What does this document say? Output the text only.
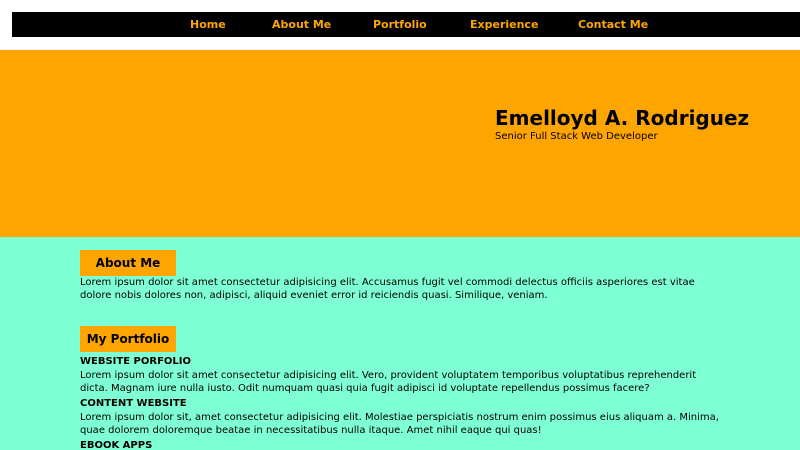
Home	About Me	Portfolio	Experience	Contact Me
Emelloyd A. Rodriguez
Senior Full Stack Web Developer
About Me
Lorem ipsum dolor sit amet consectetur adipisicing elit. Accusamus fugit vel commodi delectus officiis asperiores est vitae dolore nobis dolores non, adipisci, aliquid eveniet error id reiciendis quasi. Similique, veniam.
My Portfolio
WEBSITE PORFOLIO
Lorem ipsum dolor sit amet consectetur adipisicing elit. Vero, provident voluptatem temporibus voluptatibus reprehenderit dicta. Magnam iure nulla iusto. Odit numquam quasi quia fugit adipisci id voluptate repellendus possimus facere?
CONTENT WEBSITE
Lorem ipsum dolor sit, amet consectetur adipisicing elit. Molestiae perspiciatis nostrum enim possimus eius aliquam a. Minima, quae dolorem doloremque beatae in necessitatibus nulla itaque. Amet nihil eaque qui quas!
EBOOK APPS
